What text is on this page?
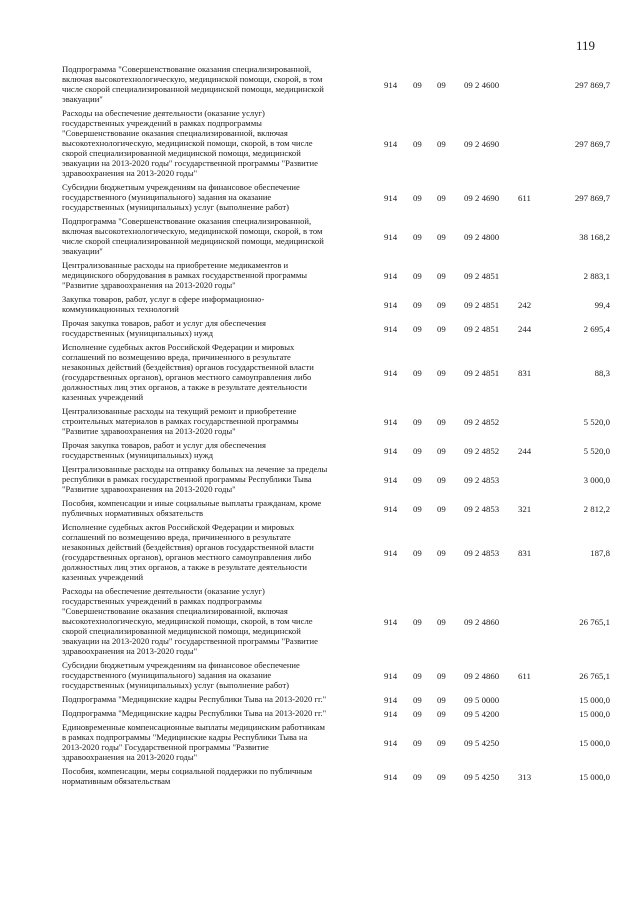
119
Подпрограмма "Совершенствование оказания специализированной,
включая высокотехнологическую, медицинской помощи, скорой, в том
числе скорой специализированной медицинской помощи, медицинской
эвакуации"
914 09 09 09 2 4600	297 869,7
Расходы на обеспечение деятельности (оказание услуг)
государственных учреждений в рамках подпрограммы
"Совершенствование оказания специализированной, включая
высокотехнологическую, медицинской помощи, скорой, в том числе
скорой специализированной медицинской помощи, медицинской
эвакуации на 2013-2020 годы" государственной программы "Развитие
здравоохранения на 2013-2020 годы"
914 09 09 09 2 4690	297 869,7
Субсидии бюджетным учреждениям на финансовое обеспечение
государственного (муниципального) задания на оказание
государственных (муниципальных) услуг (выполнение работ)
914 09 09 09 2 4690 611	297 869,7
Подпрограмма "Совершенствование оказания специализированной,
включая высокотехнологическую, медицинской помощи, скорой, в том
числе скорой специализированной медицинской помощи, медицинской
эвакуации"
914 09 09 09 2 4800	38 168,2
Централизованные расходы на приобретение медикаментов и
медицинского оборудования в рамках государственной программы
"Развитие здравоохранения на 2013-2020 годы"
914 09 09 09 2 4851	2 883,1
Закупка товаров, работ, услуг в сфере информационно-
коммуникационных технологий	914 09 09 09 2 4851 242	99,4
Прочая закупка товаров, работ и услуг для обеспечения
государственных (муниципальных) нужд	914 09 09 09 2 4851 244	2 695,4
Исполнение судебных актов Российской Федерации и мировых
соглашений по возмещению вреда, причиненного в результате
незаконных действий (бездействия) органов государственной власти
(государственных органов), органов местного самоуправления либо
должностных лиц этих органов, а также в результате деятельности
казенных учреждений
914 09 09 09 2 4851 831	88,3
Централизованные расходы на текущий ремонт и приобретение
строительных материалов в рамках государственной программы
"Развитие здравоохранения на 2013-2020 годы"
914 09 09 09 2 4852	5 520,0
Прочая закупка товаров, работ и услуг для обеспечения
государственных (муниципальных) нужд	914 09 09 09 2 4852 244	5 520,0
Централизованные расходы на отправку больных на лечение за пределы
республики в рамках государственной программы Республики Тыва
"Развитие здравоохранения на 2013-2020 годы"
914 09 09 09 2 4853	3 000,0
Пособия, компенсации и иные социальные выплаты гражданам, кроме
публичных нормативных обязательств	914 09 09 09 2 4853 321	2 812,2
Исполнение судебных актов Российской Федерации и мировых
соглашений по возмещению вреда, причиненного в результате
незаконных действий (бездействия) органов государственной власти
(государственных органов), органов местного самоуправления либо
должностных лиц этих органов, а также в результате деятельности
казенных учреждений
914 09 09 09 2 4853 831	187,8
Расходы на обеспечение деятельности (оказание услуг)
государственных учреждений в рамках подпрограммы
"Совершенствование оказания специализированной, включая
высокотехнологическую, медицинской помощи, скорой, в том числе
скорой специализированной медицинской помощи, медицинской
эвакуации на 2013-2020 годы" государственной программы "Развитие
здравоохранения на 2013-2020 годы"
914 09 09 09 2 4860	26 765,1
Субсидии бюджетным учреждениям на финансовое обеспечение
государственного (муниципального) задания на оказание
государственных (муниципальных) услуг (выполнение работ)
914 09 09 09 2 4860 611	26 765,1
Подпрограмма "Медицинские кадры Республики Тыва на 2013-2020 гг."	914 09 09 09 5 0000	15 000,0
Подпрограмма "Медицинские кадры Республики Тыва на 2013-2020 гг."	914 09 09 09 5 4200	15 000,0
Единовременные компенсационные выплаты медицинским работникам
в рамках подпрограммы "Медицинские кадры Республики Тыва на
2013-2020 годы" Государственной программы "Развитие
здравоохранения на 2013-2020 годы"
914 09 09 09 5 4250	15 000,0
Пособия, компенсации, меры социальной поддержки по публичным
нормативным обязательствам	914 09 09 09 5 4250 313	15 000,0
